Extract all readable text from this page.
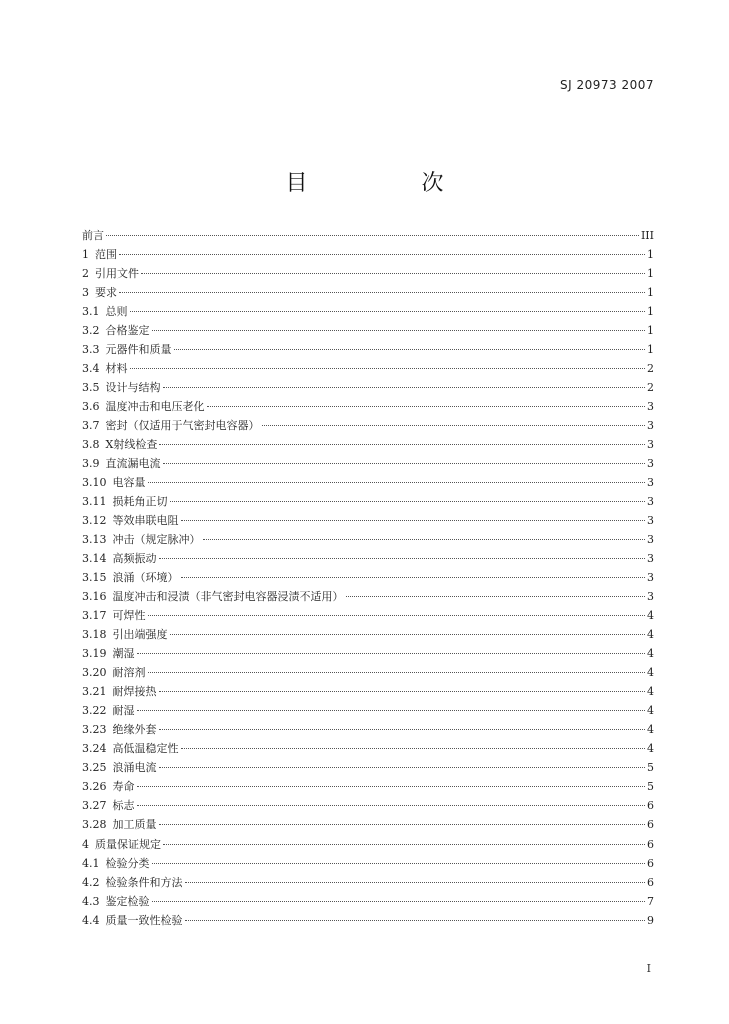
SJ 20973 2007
目　次
前言	III
1 范围	1
2 引用文件	1
3 要求	1
3.1 总则	1
3.2 合格鉴定	1
3.3 元器件和质量	1
3.4 材料	2
3.5 设计与结构	2
3.6 温度冲击和电压老化	3
3.7 密封（仅适用于气密封电容器）	3
3.8 X射线检查	3
3.9 直流漏电流	3
3.10 电容量	3
3.11 损耗角正切	3
3.12 等效串联电阻	3
3.13 冲击（规定脉冲）	3
3.14 高频振动	3
3.15 浪涌（环境）	3
3.16 温度冲击和浸渍（非气密封电容器浸渍不适用）	3
3.17 可焊性	4
3.18 引出端强度	4
3.19 潮湿	4
3.20 耐溶剂	4
3.21 耐焊接热	4
3.22 耐湿	4
3.23 绝缘外套	4
3.24 高低温稳定性	4
3.25 浪涌电流	5
3.26 寿命	5
3.27 标志	6
3.28 加工质量	6
4 质量保证规定	6
4.1 检验分类	6
4.2 检验条件和方法	6
4.3 鉴定检验	7
4.4 质量一致性检验	9
I
